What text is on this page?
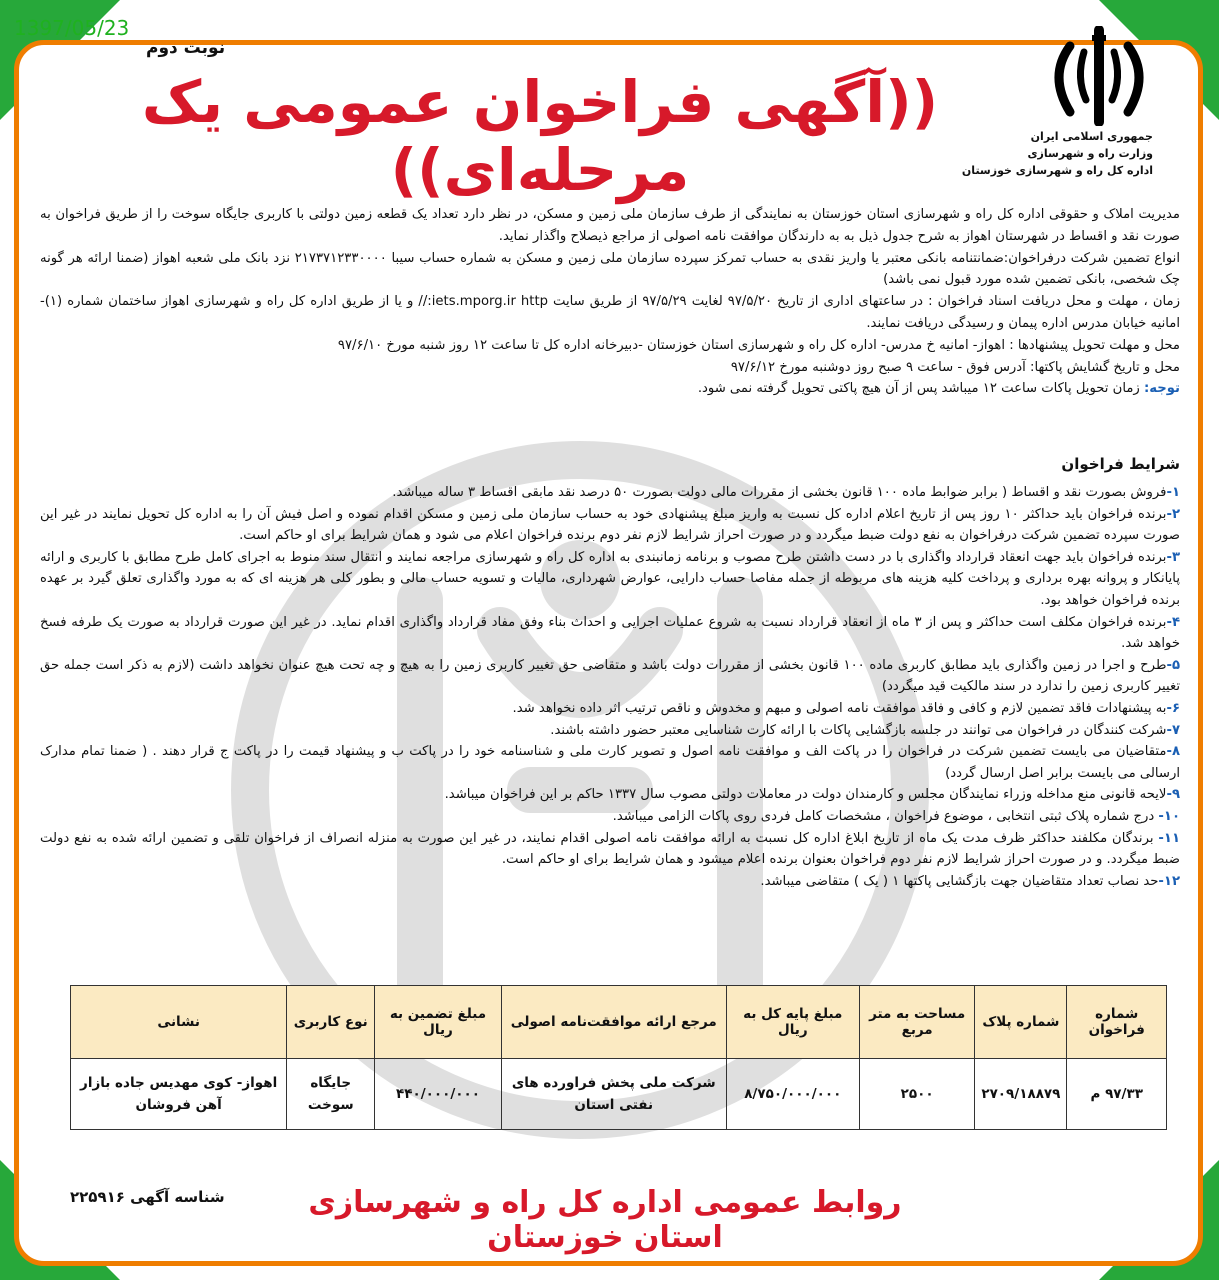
1397/05/23
جمهوری اسلامی ایران
وزارت راه و شهرسازی
اداره کل راه و شهرسازی خوزستان
نوبت دوم
((آگهی فراخوان عمومی یک مرحله‌ای))

مدیریت املاک و حقوقی اداره کل راه و شهرسازی استان خوزستان به نمایندگی از طرف سازمان ملی زمین و مسکن، در نظر دارد تعداد یک قطعه زمین دولتی با کاربری جایگاه سوخت را از طریق فراخوان به صورت نقد و اقساط در شهرستان اهواز به شرح جدول ذیل به به دارندگان موافقت نامه اصولی از مراجع ذیصلاح واگذار نماید.

انواع تضمین شرکت درفراخوان:ضمانتنامه بانکی معتبر یا واریز نقدی به حساب تمرکز سپرده سازمان ملی زمین و مسکن به شماره حساب سیبا ۲۱۷۳۷۱۲۳۳۰۰۰۰ نزد بانک ملی شعبه اهواز (ضمنا ارائه هر گونه چک شخصی، بانکی تضمین شده مورد قبول نمی باشد)

زمان ، مهلت و محل دریافت اسناد فراخوان : در ساعتهای اداری از تاریخ ۹۷/۵/۲۰ لغایت ۹۷/۵/۲۹ از طریق سایت iets.mporg.ir http:// و یا از طریق اداره کل راه و شهرسازی اهواز ساختمان شماره (۱)- امانیه خیابان مدرس اداره پیمان و رسیدگی دریافت نمایند.

محل و مهلت تحویل پیشنهادها : اهواز- امانیه خ مدرس- اداره کل راه و شهرسازی استان خوزستان -دبیرخانه اداره کل تا ساعت ۱۲ روز شنبه مورخ ۹۷/۶/۱۰

محل و تاریخ گشایش پاکتها: آدرس فوق - ساعت ۹ صبح روز دوشنبه مورخ ۹۷/۶/۱۲

توجه: زمان تحویل پاکات ساعت ۱۲ میباشد پس از آن هیچ پاکتی تحویل گرفته نمی شود.

شرایط فراخوان

۱-فروش بصورت نقد و اقساط ( برابر ضوابط ماده ۱۰۰ قانون بخشی از مقررات مالی دولت بصورت ۵۰ درصد نقد مابقی اقساط ۳ ساله میباشد.

۲-برنده فراخوان باید حداکثر ۱۰ روز پس از تاریخ اعلام اداره کل نسبت به واریز مبلغ پیشنهادی خود به حساب سازمان ملی زمین و مسکن اقدام نموده و اصل فیش آن را به اداره کل تحویل نمایند در غیر این صورت سپرده تضمین شرکت درفراخوان به نفع دولت ضبط میگردد و در صورت احراز شرایط لازم نفر دوم برنده فراخوان اعلام می شود و همان شرایط برای او حاکم است.

۳-برنده فراخوان باید جهت انعقاد قرارداد واگذاری با در دست داشتن طرح مصوب و برنامه زمانبندی به اداره کل راه و شهرسازی مراجعه نمایند و انتقال سند منوط به اجرای کامل طرح مطابق با کاربری و ارائه پایانکار و پروانه بهره برداری و پرداخت کلیه هزینه های مربوطه از جمله مفاصا حساب دارایی، عوارض شهرداری، مالیات و تسویه حساب مالی و بطور کلی هر هزینه ای که به مورد واگذاری تعلق گیرد بر عهده برنده فراخوان خواهد بود.

۴-برنده فراخوان مکلف است حداکثر و پس از ۳ ماه از انعقاد قرارداد نسبت به شروع عملیات اجرایی و احداث بناء وفق مفاد قرارداد واگذاری اقدام نماید. در غیر این صورت قرارداد به صورت یک طرفه فسخ خواهد شد.

۵-طرح و اجرا در زمین واگذاری باید مطابق کاربری ماده ۱۰۰ قانون بخشی از مقررات دولت باشد و متقاضی حق تغییر کاربری زمین را به هیچ و چه تحت هیچ عنوان نخواهد داشت (لازم به ذکر است جمله حق تغییر کاربری زمین را ندارد در سند مالکیت قید میگردد)

۶-به پیشنهادات فاقد تضمین لازم و کافی و فاقد موافقت نامه اصولی و مبهم و مخدوش و ناقص ترتیب اثر داده نخواهد شد.

۷-شرکت کنندگان در فراخوان می توانند در جلسه بازگشایی پاکات با ارائه کارت شناسایی معتبر حضور داشته باشند.

۸-متقاضیان می بایست تضمین شرکت در فراخوان را در پاکت الف و موافقت نامه اصول و تصویر کارت ملی و شناسنامه خود را در پاکت ب و پیشنهاد قیمت را در پاکت ج قرار دهند . ( ضمنا تمام مدارک ارسالی می بایست برابر اصل ارسال گردد)

۹-لایحه قانونی منع مداخله وزراء نمایندگان مجلس و کارمندان دولت در معاملات دولتی مصوب سال ۱۳۳۷ حاکم بر این فراخوان میباشد.

۱۰- درج شماره پلاک ثبتی انتخابی ، موضوع فراخوان ، مشخصات کامل فردی روی پاکات الزامی میباشد.

۱۱- برندگان مکلفند حداکثر ظرف مدت یک ماه از تاریخ ابلاغ اداره کل نسبت به ارائه موافقت نامه اصولی اقدام نمایند، در غیر این صورت به منزله انصراف از فراخوان تلقی و تضمین ارائه شده به نفع دولت ضبط میگردد. و در صورت احراز شرایط لازم نفر دوم فراخوان بعنوان برنده اعلام میشود و همان شرایط برای او حاکم است.

۱۲-حد نصاب تعداد متقاضیان جهت بازگشایی پاکتها ۱ ( یک ) متقاضی میباشد.

شماره فراخوان	شماره پلاک	مساحت به متر مربع	مبلغ پایه کل به ریال	مرجع ارائه موافقت‌نامه اصولی	مبلغ تضمین به ریال	نوع کاربری	نشانی
۹۷/۳۳ م	۲۷۰۹/۱۸۸۷۹	۲۵۰۰	۸/۷۵۰/۰۰۰/۰۰۰	شرکت ملی پخش فراورده های نفتی استان	۴۴۰/۰۰۰/۰۰۰	جایگاه سوخت	اهواز- کوی مهدیس جاده بازار آهن فروشان
روابط عمومی اداره کل راه و شهرسازی استان خوزستان
شناسه آگهی ۲۲۵۹۱۶
